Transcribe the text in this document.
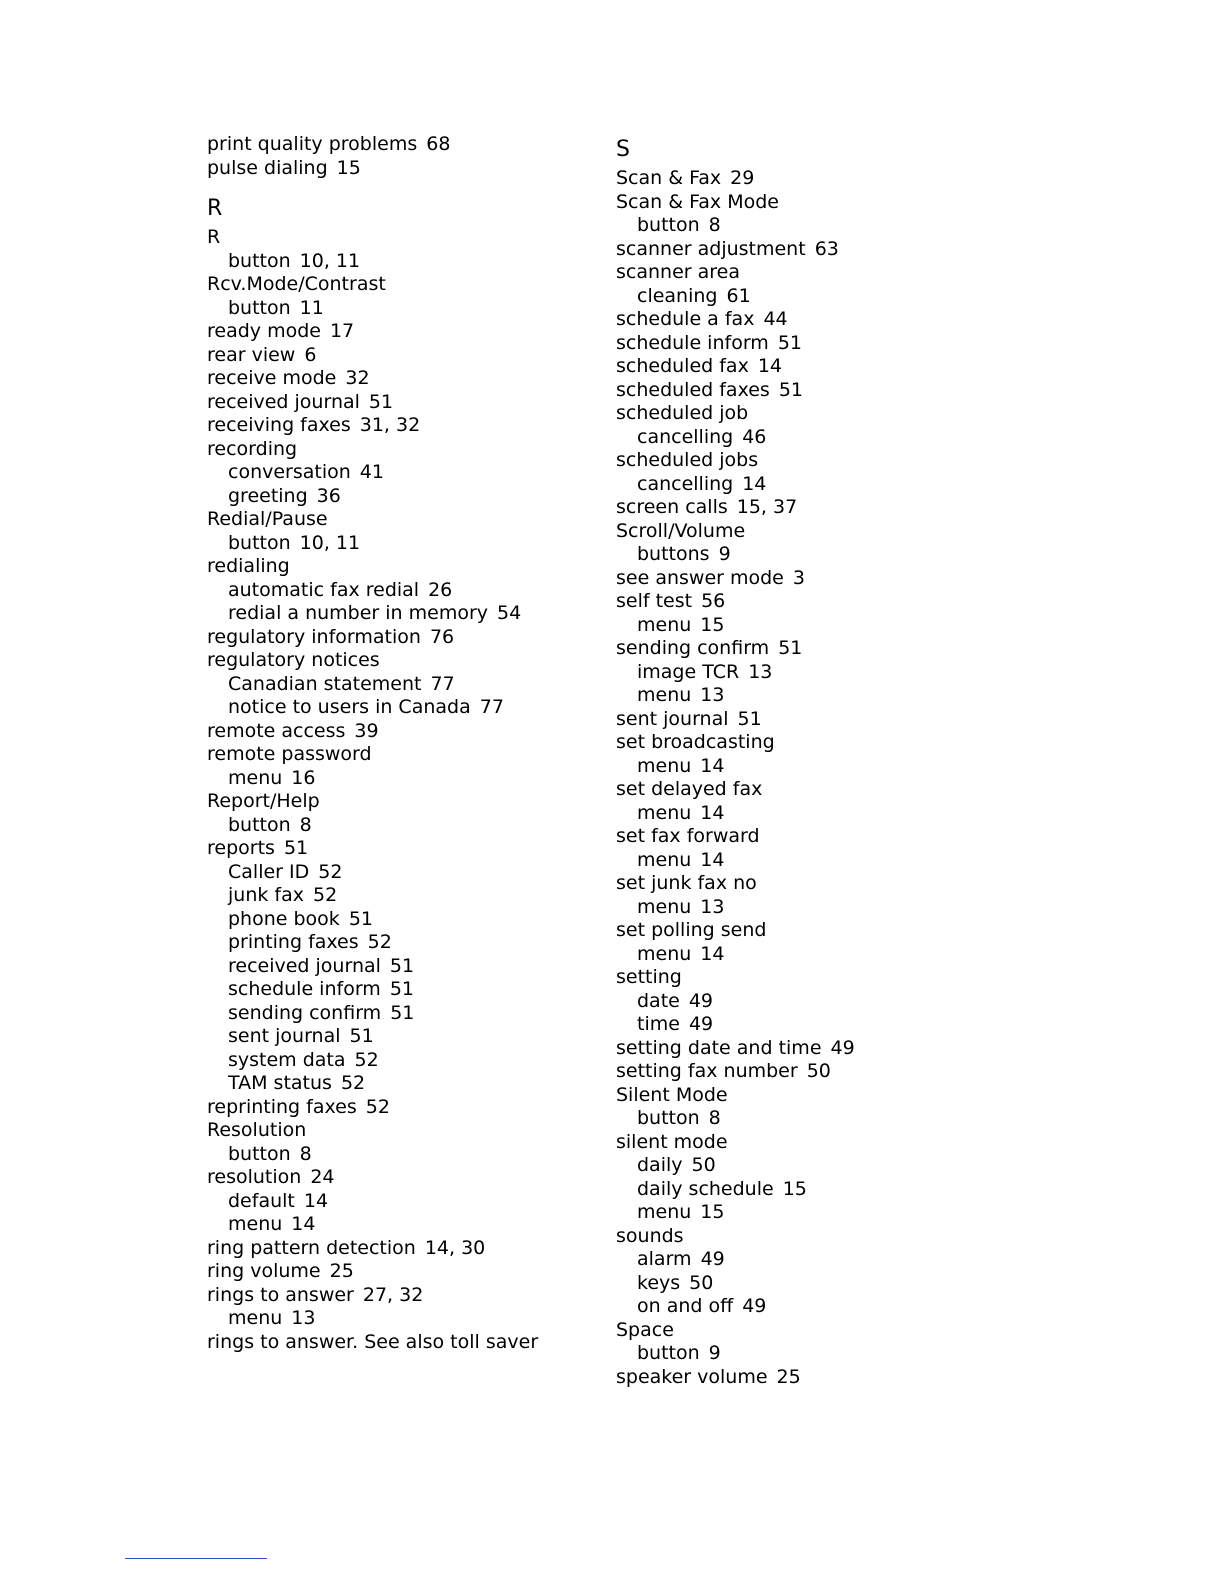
print quality problems 68
pulse dialing 15
R
R
button 10, 11
Rcv.Mode/Contrast
button 11
ready mode 17
rear view 6
receive mode 32
received journal 51
receiving faxes 31, 32
recording
conversation 41
greeting 36
Redial/Pause
button 10, 11
redialing
automatic fax redial 26
redial a number in memory 54
regulatory information 76
regulatory notices
Canadian statement 77
notice to users in Canada 77
remote access 39
remote password
menu 16
Report/Help
button 8
reports 51
Caller ID 52
junk fax 52
phone book 51
printing faxes 52
received journal 51
schedule inform 51
sending confirm 51
sent journal 51
system data 52
TAM status 52
reprinting faxes 52
Resolution
button 8
resolution 24
default 14
menu 14
ring pattern detection 14, 30
ring volume 25
rings to answer 27, 32
menu 13
rings to answer. See also toll saver
S
Scan & Fax 29
Scan & Fax Mode
button 8
scanner adjustment 63
scanner area
cleaning 61
schedule a fax 44
schedule inform 51
scheduled fax 14
scheduled faxes 51
scheduled job
cancelling 46
scheduled jobs
cancelling 14
screen calls 15, 37
Scroll/Volume
buttons 9
see answer mode 3
self test 56
menu 15
sending confirm 51
image TCR 13
menu 13
sent journal 51
set broadcasting
menu 14
set delayed fax
menu 14
set fax forward
menu 14
set junk fax no
menu 13
set polling send
menu 14
setting
date 49
time 49
setting date and time 49
setting fax number 50
Silent Mode
button 8
silent mode
daily 50
daily schedule 15
menu 15
sounds
alarm 49
keys 50
on and off 49
Space
button 9
speaker volume 25
